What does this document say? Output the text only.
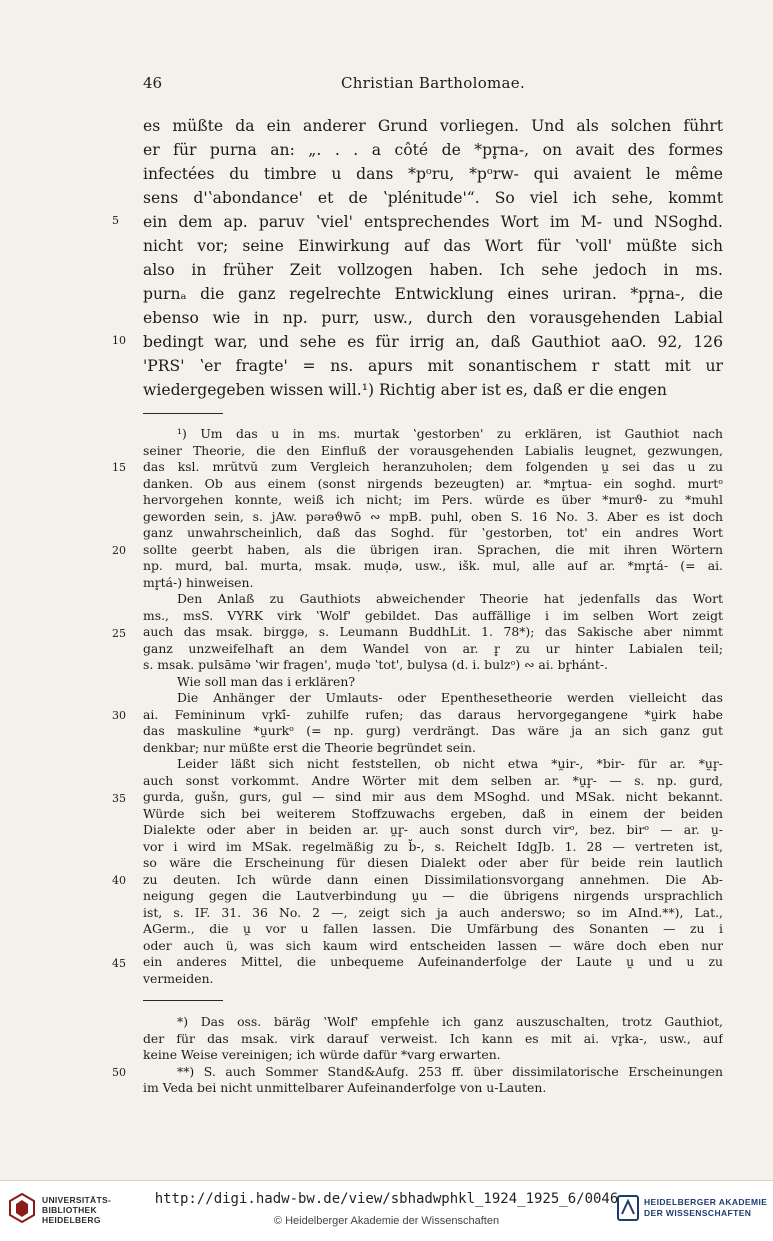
46	Christian Bartholomae.
es müßte da ein anderer Grund vorliegen. Und als solchen führt
er für purna an: „. . . a côté de *pr̥na-, on avait des formes
infectées du timbre u dans *pᵒru, *pᵒrw- qui avaient le même
sens d'ʽabondance' et de ʽplénitude'“. So viel ich sehe, kommt
ein dem ap. paruv ʽviel' entsprechendes Wort im M- und NSoghd.
nicht vor; seine Einwirkung auf das Wort für ʽvoll' müßte sich
also in früher Zeit vollzogen haben. Ich sehe jedoch in ms.
purnₐ die ganz regelrechte Entwicklung eines uriran. *pr̥na-, die
ebenso wie in np. purr, usw., durch den vorausgehenden Labial
bedingt war, und sehe es für irrig an, daß Gauthiot aaO. 92, 126
'PRS' ʽer fragte' = ns. apurs mit sonantischem r statt mit ur
wiedergegeben wissen will.¹) Richtig aber ist es, daß er die engen
¹) Um das u in ms. murtak ʽgestorben' zu erklären, ist Gauthiot nach
seiner Theorie, die den Einfluß der vorausgehenden Labialis leugnet, gezwungen,
das ksl. mrŭtvŭ zum Vergleich heranzuholen; dem folgenden u̯ sei das u zu
danken. Ob aus einem (sonst nirgends bezeugten) ar. *mr̥tua- ein soghd. murtᵒ
hervorgehen konnte, weiß ich nicht; im Pers. würde es über *murϑ- zu *muhl
geworden sein, s. jAw. pərəϑwō ∾ mpB. puhl, oben S. 16 No. 3. Aber es ist doch
ganz unwahrscheinlich, daß das Soghd. für ʽgestorben, tot' ein andres Wort
sollte geerbt haben, als die übrigen iran. Sprachen, die mit ihren Wörtern
np. murd, bal. murta, msak. muḍə, usw., išk. mul, alle auf ar. *mr̥tá- (= ai.
mr̥tá-) hinweisen.
Den Anlaß zu Gauthiots abweichender Theorie hat jedenfalls das Wort
ms., msS. VYRK virk ʽWolf' gebildet. Das auffällige i im selben Wort zeigt
auch das msak. birggə, s. Leumann BuddhLit. 1. 78*); das Sakische aber nimmt
ganz unzweifelhaft an dem Wandel von ar. r̥ zu ur hinter Labialen teil;
s. msak. pulsāmə ʽwir fragen', muḍə ʽtot', bulysa (d. i. bulzᵒ) ∾ ai. br̥hánt-.
Wie soll man das i erklären?
Die Anhänger der Umlauts- oder Epenthesetheorie werden vielleicht das
ai. Femininum vr̥kī́- zuhilfe rufen; das daraus hervorgegangene *u̯irk habe
das maskuline *u̯urkᵒ (= np. gurg) verdrängt. Das wäre ja an sich ganz gut
denkbar; nur müßte erst die Theorie begründet sein.
Leider läßt sich nicht feststellen, ob nicht etwa *u̯ir-, *bir- für ar. *u̯r̥-
auch sonst vorkommt. Andre Wörter mit dem selben ar. *u̯r̥- — s. np. gurd,
gurda, gušn, gurs, gul — sind mir aus dem MSoghd. und MSak. nicht bekannt.
Würde sich bei weiterem Stoffzuwachs ergeben, daß in einem der beiden
Dialekte oder aber in beiden ar. u̯r̥- auch sonst durch virᵒ, bez. birᵒ — ar. u̯-
vor i wird im MSak. regelmäßig zu b̊-, s. Reichelt IdgJb. 1. 28 — vertreten ist,
so wäre die Erscheinung für diesen Dialekt oder aber für beide rein lautlich
zu deuten. Ich würde dann einen Dissimilationsvorgang annehmen. Die Ab-
neigung gegen die Lautverbindung u̯u — die übrigens nirgends ursprachlich
ist, s. IF. 31. 36 No. 2 —, zeigt sich ja auch anderswo; so im AInd.**), Lat.,
AGerm., die u̯ vor u fallen lassen. Die Umfärbung des Sonanten — zu i
oder auch ü, was sich kaum wird entscheiden lassen — wäre doch eben nur
ein anderes Mittel, die unbequeme Aufeinanderfolge der Laute u̯ und u zu
vermeiden.
*) Das oss. bäräg ʽWolf' empfehle ich ganz auszuschalten, trotz Gauthiot,
der für das msak. virk darauf verweist. Ich kann es mit ai. vr̥ka-, usw., auf
keine Weise vereinigen; ich würde dafür *varg erwarten.
**) S. auch Sommer Stand&Aufg. 253 ff. über dissimilatorische Erscheinungen
im Veda bei nicht unmittelbarer Aufeinanderfolge von u-Lauten.
5
10
15
20
25
30
35
40
45
50
UNIVERSITÄTS-
BIBLIOTHEK
HEIDELBERG
http://digi.hadw-bw.de/view/sbhadwphkl_1924_1925_6/0046
© Heidelberger Akademie der Wissenschaften
HEIDELBERGER AKADEMIE
DER WISSENSCHAFTEN
